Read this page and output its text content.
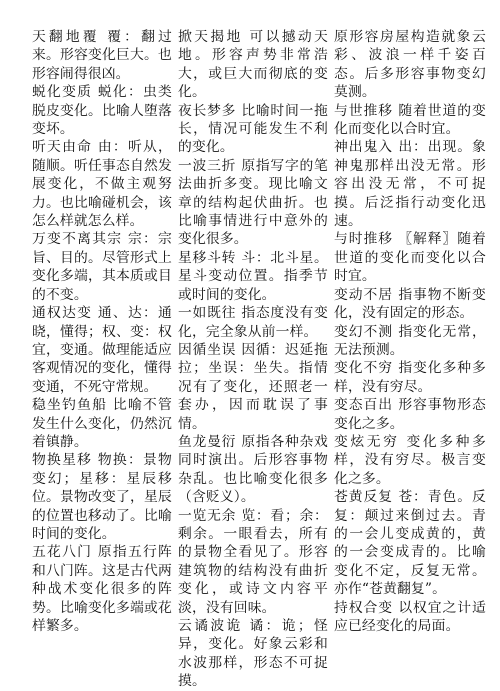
天翻地覆 覆：翻过来。形容变化巨大。也形容闹得很凶。

蜕化变质 蜕化：虫类脱皮变化。比喻人堕落变坏。

听天由命 由：听从，随顺。听任事态自然发展变化，不做主观努力。也比喻碰机会，该怎么样就怎么样。

万变不离其宗 宗：宗旨、目的。尽管形式上变化多端，其本质或目的不变。

通权达变 通、达：通晓，懂得；权、变：权宜，变通。做理能适应客观情况的变化，懂得变通，不死守常规。

稳坐钓鱼船 比喻不管发生什么变化，仍然沉着镇静。

物换星移 物换：景物变幻；星移：星辰移位。景物改变了，星辰的位置也移动了。比喻时间的变化。

五花八门 原指五行阵和八门阵。这是古代两种战术变化很多的阵势。比喻变化多端或花样繁多。

掀天揭地 可以撼动天地。形容声势非常浩大，或巨大而彻底的变化。

夜长梦多 比喻时间一拖长，情况可能发生不利的变化。

一波三折 原指写字的笔法曲折多变。现比喻文章的结构起伏曲折。也比喻事情进行中意外的变化很多。

星移斗转 斗：北斗星。星斗变动位置。指季节或时间的变化。

一如既往 指态度没有变化，完全象从前一样。

因循坐误 因循：迟延拖拉；坐误：坐失。指情况有了变化，还照老一套办，因而耽误了事情。

鱼龙曼衍 原指各种杂戏同时演出。后形容事物杂乱。也比喻变化很多（含贬义）。

一览无余 览：看；余：剩余。一眼看去，所有的景物全看见了。形容建筑物的结构没有曲折变化，或诗文内容平淡，没有回味。

云谲波诡 谲：诡；怪异，变化。好象云彩和水波那样，形态不可捉摸。

原形容房屋构造就象云彩、波浪一样千姿百态。后多形容事物变幻莫测。

与世推移 随着世道的变化而变化以合时宜。

神出鬼入 出：出现。象神鬼那样出没无常。形容出没无常，不可捉摸。后泛指行动变化迅速。

与时推移 〖解释〗随着世道的变化而变化以合时宜。

变动不居 指事物不断变化，没有固定的形态。

变幻不测 指变化无常，无法预测。

变化不穷 指变化多种多样，没有穷尽。

变态百出 形容事物形态变化之多。

变炫无穷 变化多种多样，没有穷尽。极言变化之多。

苍黄反复 苍：青色。反复：颠过来倒过去。青的一会儿变成黄的，黄的一会变成青的。比喻变化不定，反复无常。亦作“苍黄翻复”。

持权合变 以权宜之计适应已经变化的局面。
